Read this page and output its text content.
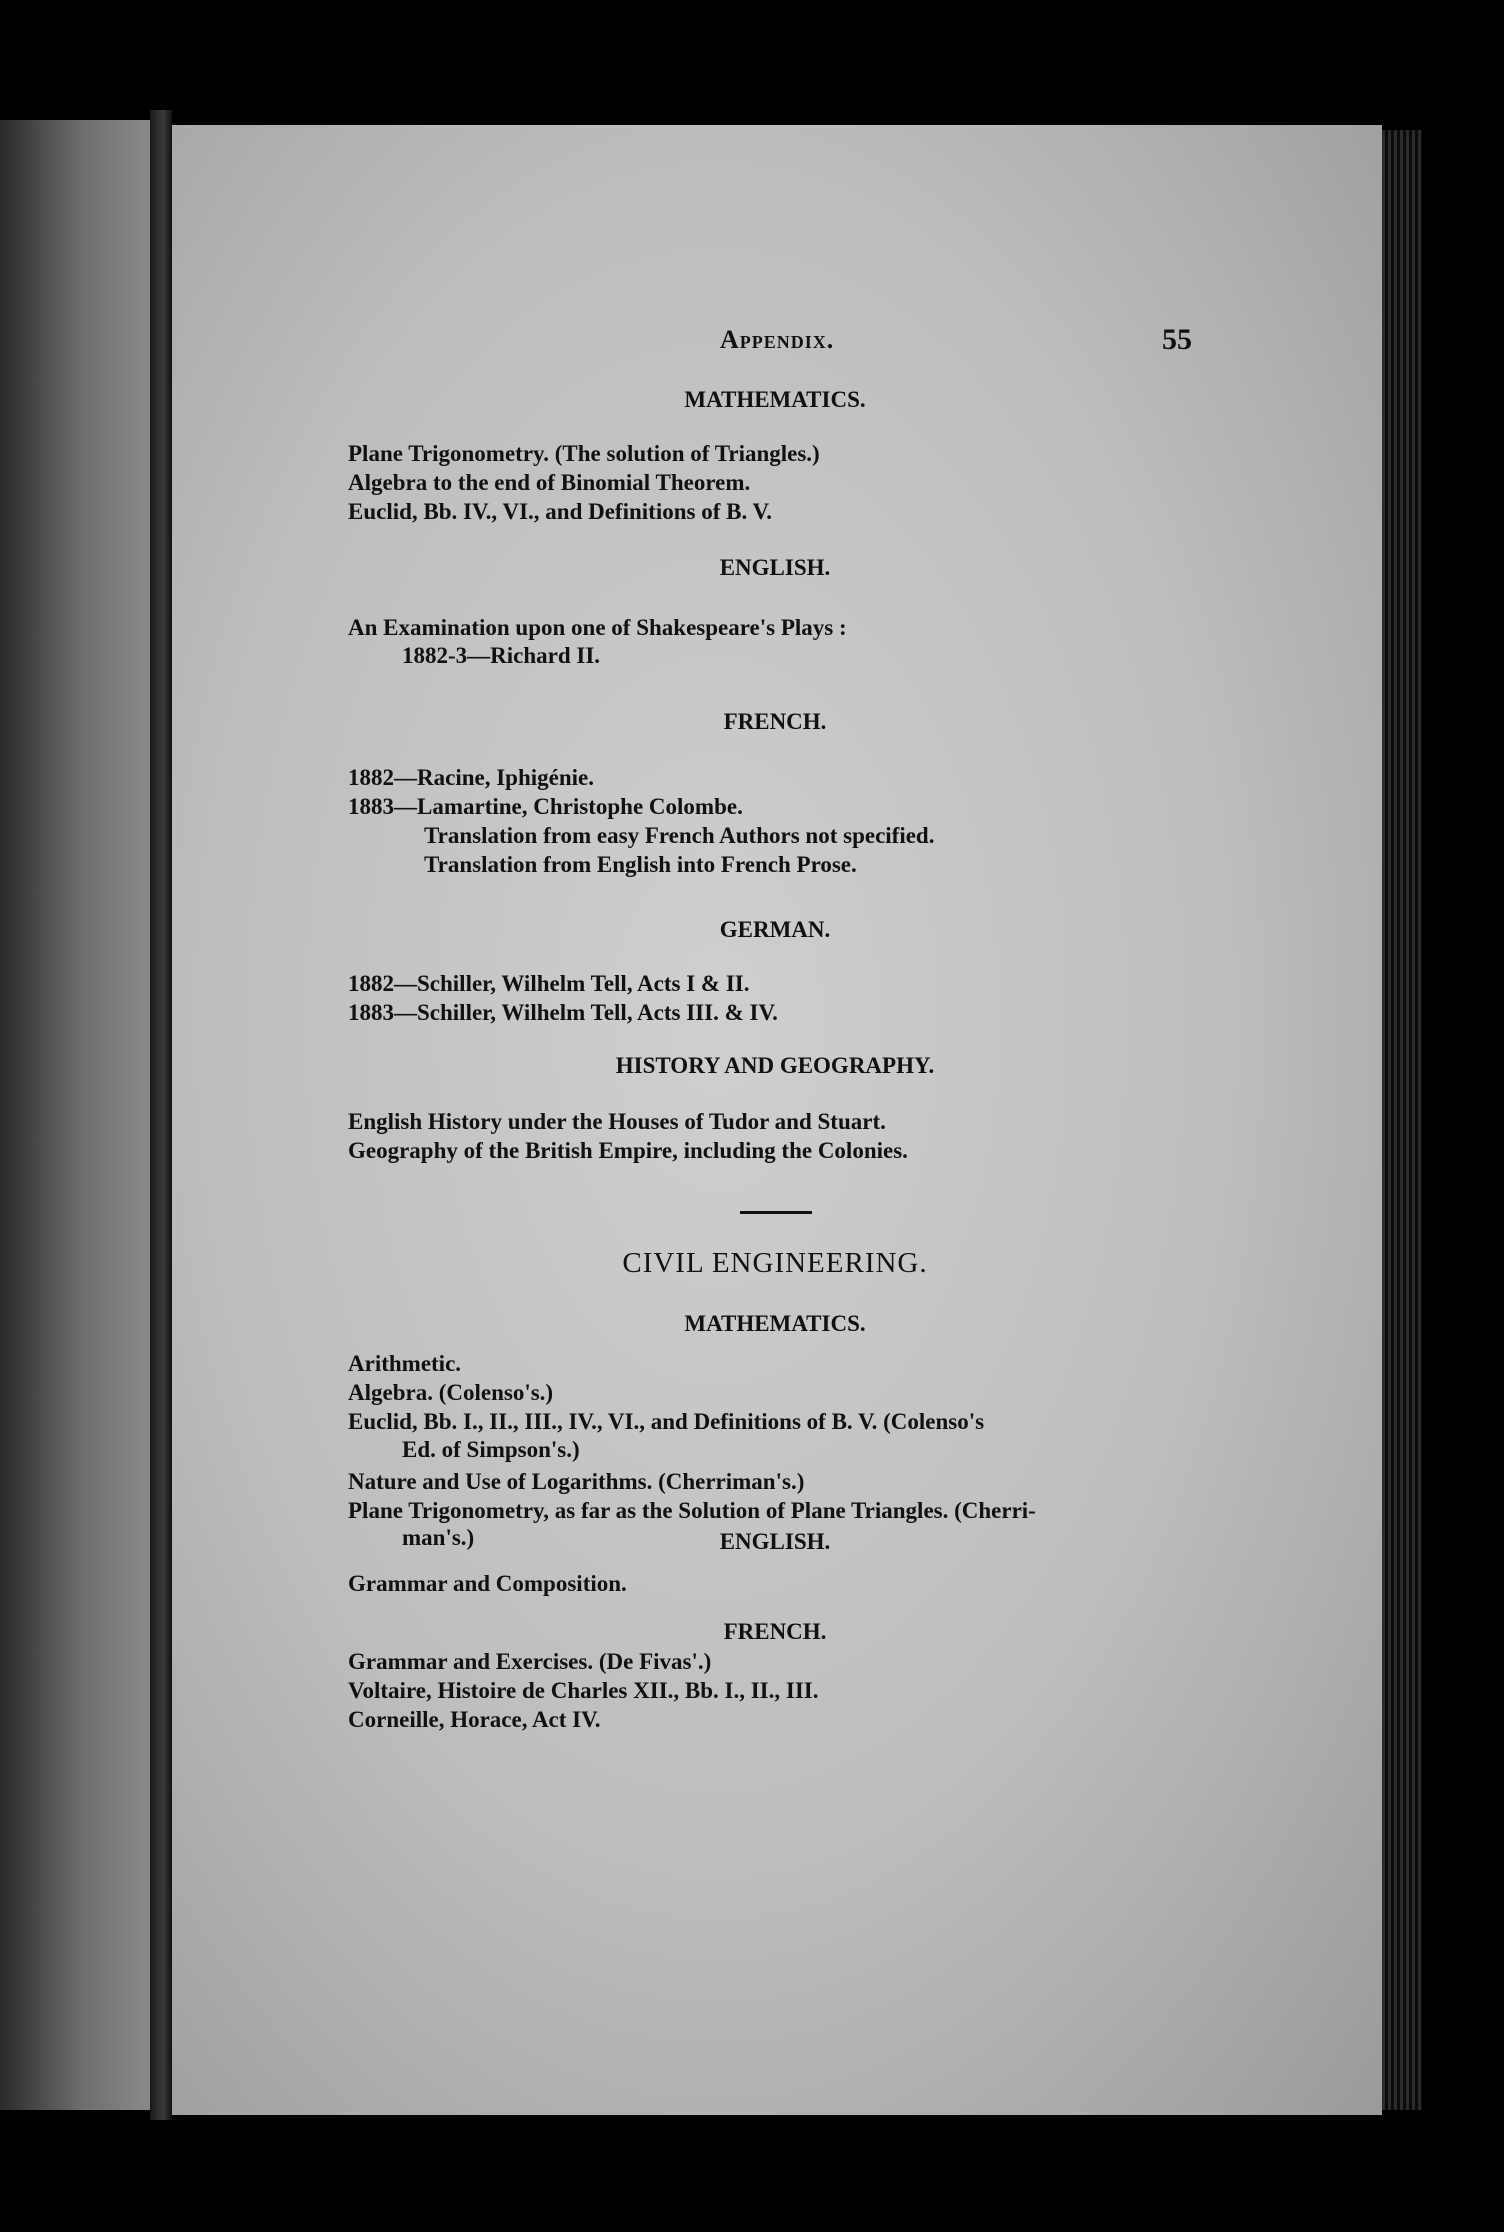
Appendix.	55
MATHEMATICS.
Plane Trigonometry. (The solution of Triangles.)
Algebra to the end of Binomial Theorem.
Euclid, Bb. IV., VI., and Definitions of B. V.
ENGLISH.
An Examination upon one of Shakespeare's Plays :
1882-3—Richard II.
FRENCH.
1882—Racine, Iphigénie.
1883—Lamartine, Christophe Colombe.
Translation from easy French Authors not specified.
Translation from English into French Prose.
GERMAN.
1882—Schiller, Wilhelm Tell, Acts I & II.
1883—Schiller, Wilhelm Tell, Acts III. & IV.
HISTORY AND GEOGRAPHY.
English History under the Houses of Tudor and Stuart.
Geography of the British Empire, including the Colonies.
CIVIL ENGINEERING.
MATHEMATICS.
Arithmetic.
Algebra. (Colenso's.)
Euclid, Bb. I., II., III., IV., VI., and Definitions of B. V. (Colenso's
Ed. of Simpson's.)
Nature and Use of Logarithms. (Cherriman's.)
Plane Trigonometry, as far as the Solution of Plane Triangles. (Cherri-
man's.)	ENGLISH.
Grammar and Composition.
FRENCH.
Grammar and Exercises. (De Fivas'.)
Voltaire, Histoire de Charles XII., Bb. I., II., III.
Corneille, Horace, Act IV.
